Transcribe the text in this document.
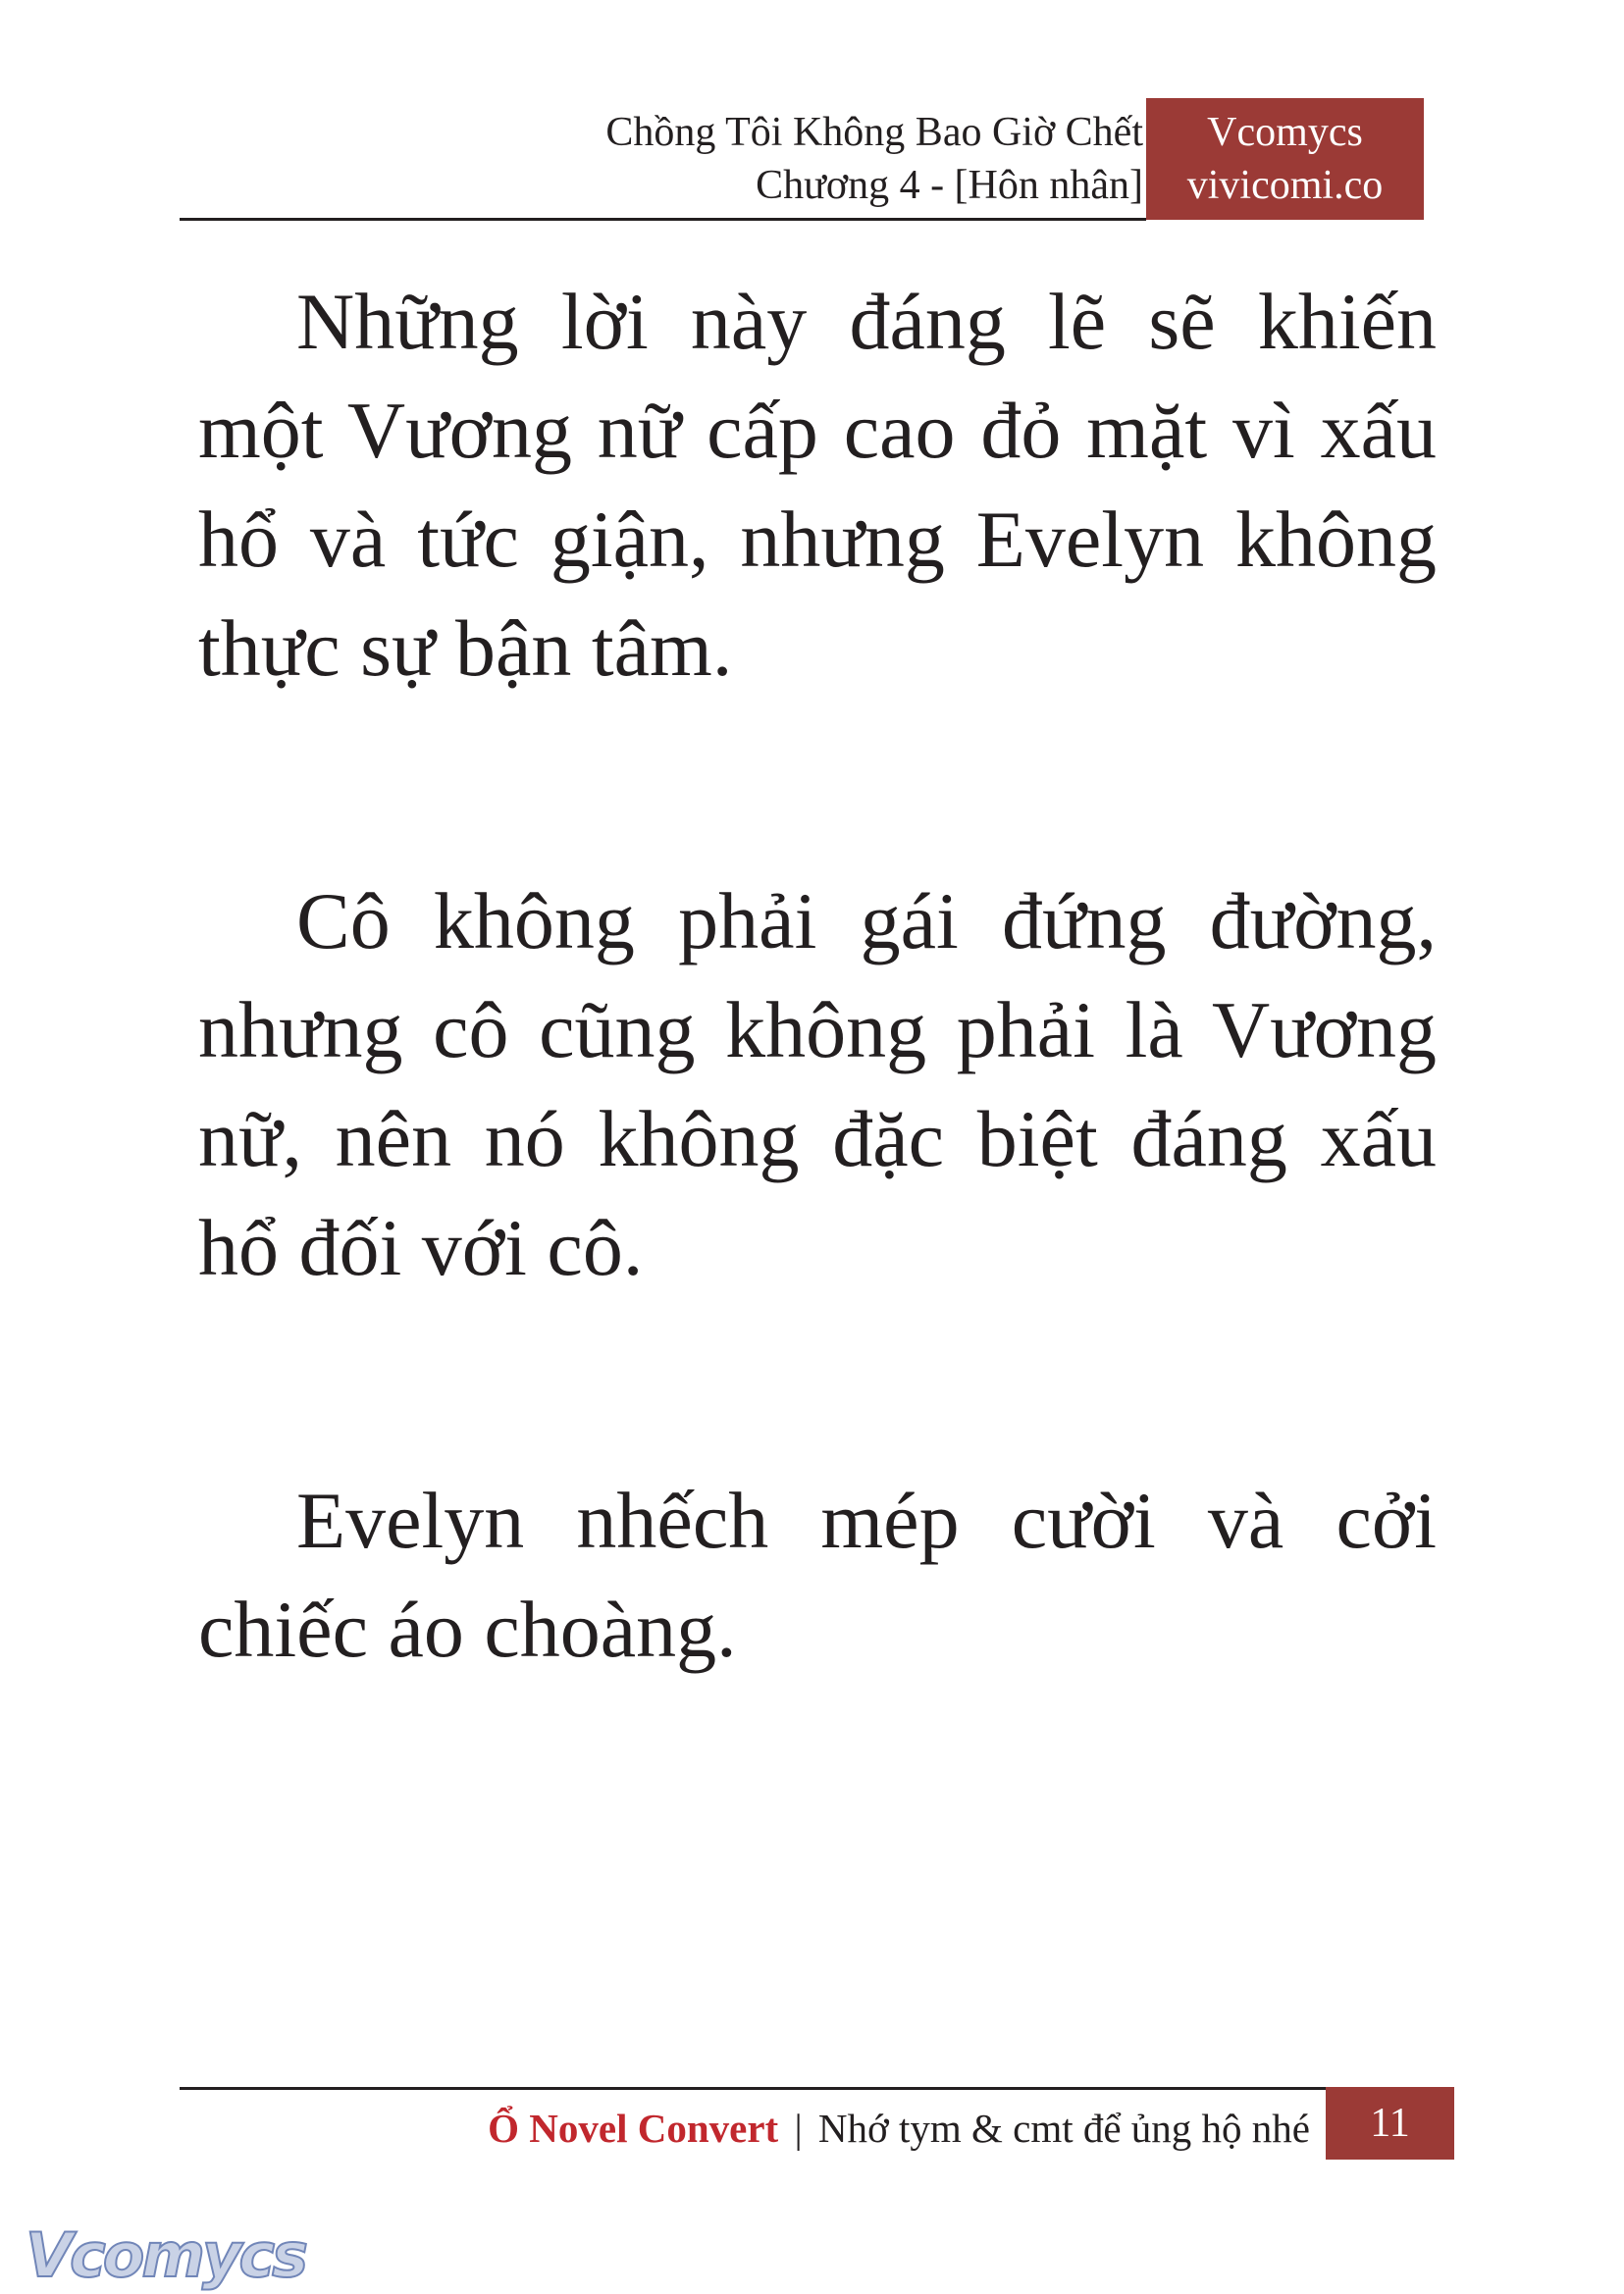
Chồng Tôi Không Bao Giờ Chết
Chương 4 - [Hôn nhân]
Vcomycs
vivicomi.co

Những lời này đáng lẽ sẽ khiến một Vương nữ cấp cao đỏ mặt vì xấu hổ và tức giận, nhưng Evelyn không thực sự bận tâm.

Cô không phải gái đứng đường, nhưng cô cũng không phải là Vương nữ, nên nó không đặc biệt đáng xấu hổ đối với cô.

Evelyn nhếch mép cười và cởi chiếc áo choàng.

Ổ Novel Convert | Nhớ tym & cmt để ủng hộ nhé	11
Vcomycs
